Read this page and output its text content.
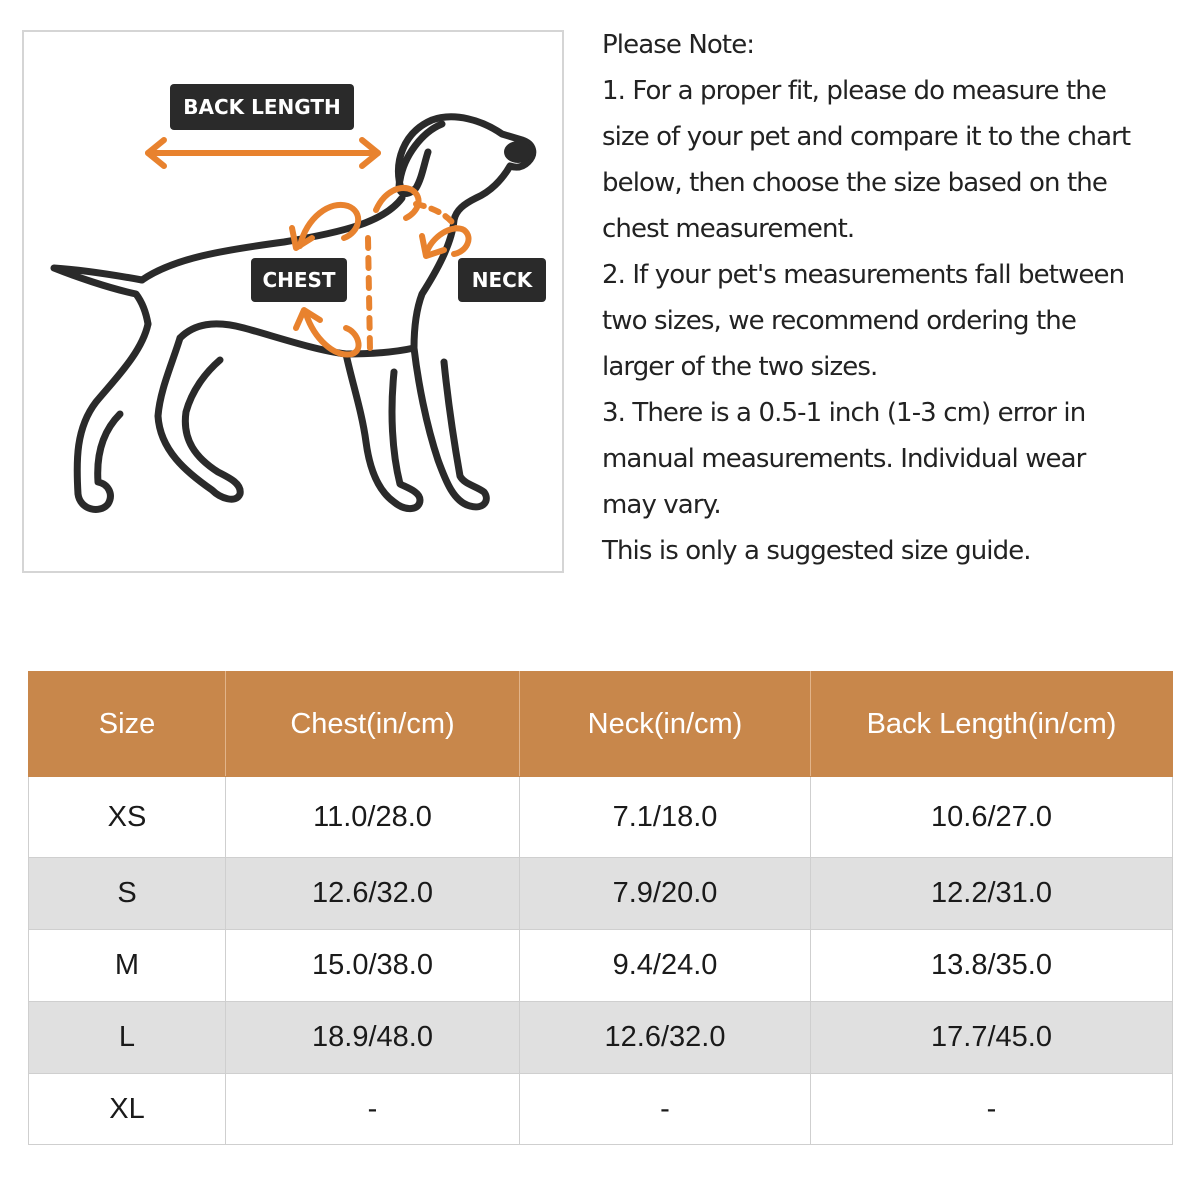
BACK LENGTH
CHEST	NECK
Please Note:
1. For a proper fit, please do measure the
size of your pet and compare it to the chart
below, then choose the size based on the
chest measurement.
2. If your pet's measurements fall between
two sizes, we recommend ordering the
larger of the two sizes.
3. There is a 0.5-1 inch (1-3 cm) error in
manual measurements. Individual wear
may vary.
This is only a suggested size guide.
Size	Chest(in/cm)	Neck(in/cm)	Back Length(in/cm)
XS	11.0/28.0	7.1/18.0	10.6/27.0
S	12.6/32.0	7.9/20.0	12.2/31.0
M	15.0/38.0	9.4/24.0	13.8/35.0
L	18.9/48.0	12.6/32.0	17.7/45.0
XL	-	-	-
